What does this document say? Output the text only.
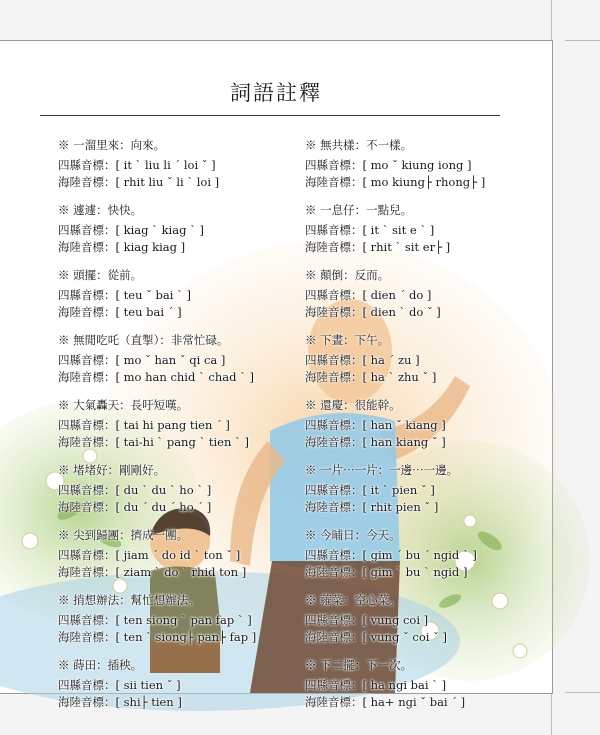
詞語註釋
※ 一溜里來：向來。
四縣音標：[ it ˋ liu li ˊ loi ˇ ]
海陸音標：[ rhit liu ˇ li ˋ loi ]
※ 遽遽：快快。
四縣音標：[ kiag ˋ kiag ˋ ]
海陸音標：[ kiag kiag ]
※ 頭擺：從前。
四縣音標：[ teu ˇ bai ˋ ]
海陸音標：[ teu bai ˊ ]
※ 無閒吃吒（直掣）：非常忙碌。
四縣音標：[ mo ˇ han ˇ qi ca ]
海陸音標：[ mo han chid ˋ chad ˋ ]
※ 大氣轟天：長吁短嘆。
四縣音標：[ tai hi pang tien ˊ ]
海陸音標：[ tai-hi ˋ pang ˋ tien ˋ ]
※ 堵堵好：剛剛好。
四縣音標：[ du ˋ du ˋ ho ˋ ]
海陸音標：[ du ˊ du ˊ ho ˊ ]
※ 尖到歸團：擠成一團。
四縣音標：[ jiam ˊ do id ˋ ton ˇ ]
海陸音標：[ ziam ˋ do ˋ rhid ton ]
※ 捎想辦法：幫忙想辦法。
四縣音標：[ ten siong ˋ pan fap ˋ ]
海陸音標：[ ten ˋ siong├ pan├ fap ]
※ 蒔田：插秧。
四縣音標：[ sii tien ˇ ]
海陸音標：[ shi├ tien ]
※ 無共樣：不一樣。
四縣音標：[ mo ˇ kiung iong ]
海陸音標：[ mo kiung├ rhong├ ]
※ 一息仔：一點兒。
四縣音標：[ it ˋ sit e ˋ ]
海陸音標：[ rhit ˋ sit er├ ]
※ 顛倒：反而。
四縣音標：[ dien ˊ do ]
海陸音標：[ dien ˋ do ˇ ]
※ 下晝：下午。
四縣音標：[ ha ˊ zu ]
海陸音標：[ ha ˋ zhu ˇ ]
※ 還慶：很能幹。
四縣音標：[ han ˇ kiang ]
海陸音標：[ han kiang ˇ ]
※ 一片⋯一片：一邊⋯一邊。
四縣音標：[ it ˋ pien ˇ ]
海陸音標：[ rhit pien ˇ ]
※ 今晡日：今天。
四縣音標：[ gim ˊ bu ˊ ngid ˋ ]
海陸音標：[ gim ˋ bu ˋ ngid ]
※ 蕹菜：空心菜。
四縣音標：[ vung coi ]
海陸音標：[ vung ˇ coi ˇ ]
※ 下二擺：下一次。
四縣音標：[ ha ngi bai ˋ ]
海陸音標：[ ha+ ngi ˇ bai ˊ ]
